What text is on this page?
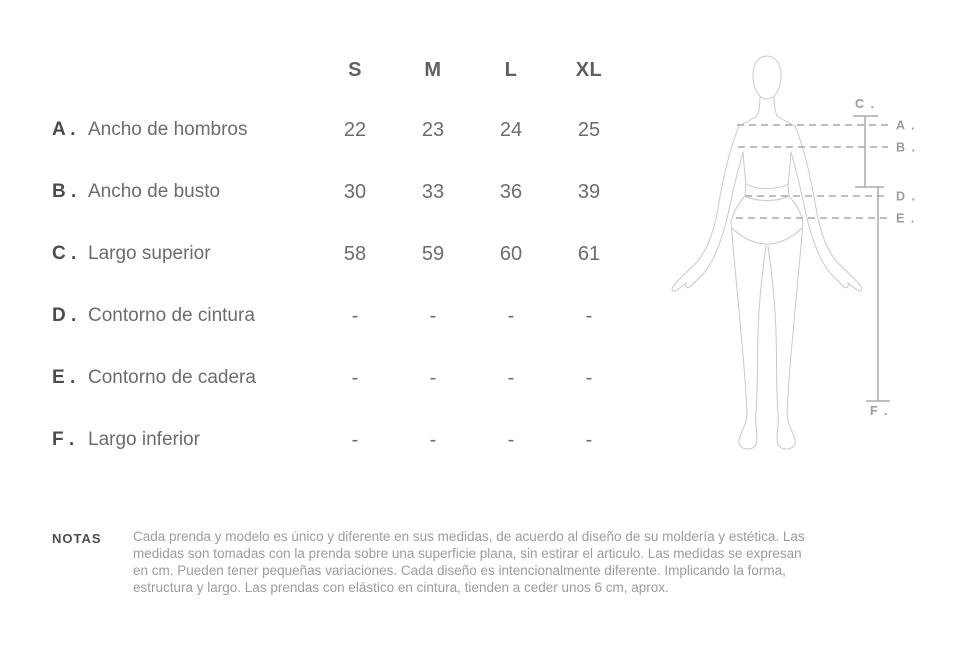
S	M	L	XL
A . Ancho de hombros	22	23	24	25
B . Ancho de busto	30	33	36	39
C . Largo superior	58	59	60	61
D . Contorno de cintura	-	-	-	-
E . Contorno de cadera	-	-	-	-
F . Largo inferior	-	-	-	-
C .
A .
B .
D .
E .
F .
NOTAS Cada prenda y modelo es único y diferente en sus medidas, de acuerdo al diseño de su moldería y estética. Las
medidas son tomadas con la prenda sobre una superficie plana, sin estirar el articulo. Las medidas se expresan
en cm. Pueden tener pequeñas variaciones. Cada diseño es intencionalmente diferente. Implicando la forma,
estructura y largo. Las prendas con elástico en cintura, tienden a ceder unos 6 cm, aprox.
